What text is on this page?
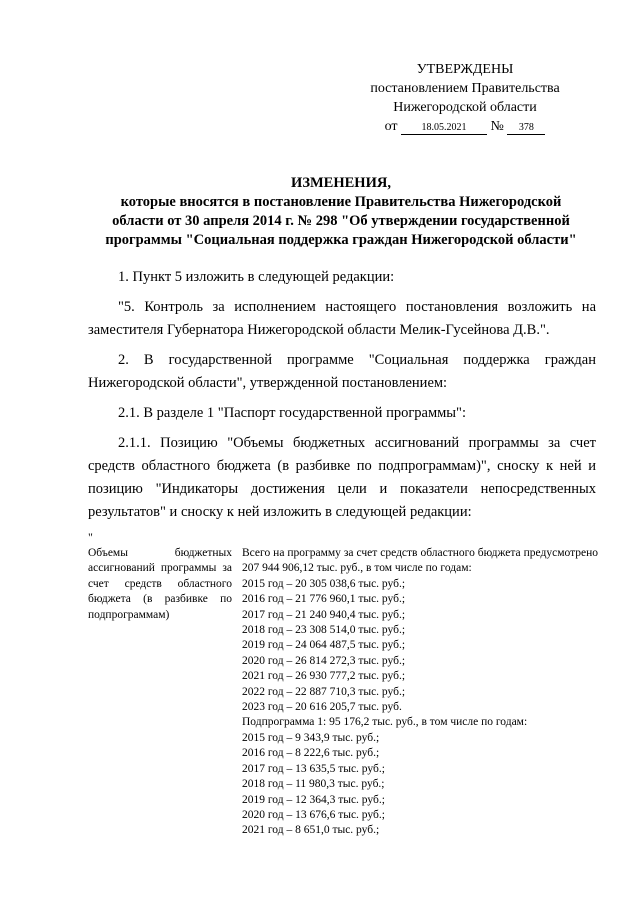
УТВЕРЖДЕНЫ
постановлением Правительства
Нижегородской области
от 18.05.2021 № 378
ИЗМЕНЕНИЯ,
которые вносятся в постановление Правительства Нижегородской
области от 30 апреля 2014 г. № 298 "Об утверждении государственной
программы "Социальная поддержка граждан Нижегородской области"

1. Пункт 5 изложить в следующей редакции:

"5. Контроль за исполнением настоящего постановления возложить на заместителя Губернатора Нижегородской области Мелик-Гусейнова Д.В.".

2. В государственной программе "Социальная поддержка граждан Нижегородской области", утвержденной постановлением:

2.1. В разделе 1 "Паспорт государственной программы":

2.1.1. Позицию "Объемы бюджетных ассигнований программы за счет средств областного бюджета (в разбивке по подпрограммам)", сноску к ней и позицию "Индикаторы достижения цели и показатели непосредственных результатов" и сноску к ней изложить в следующей редакции:

"
Объемы бюджетных ассигнований программы за счет средств областного бюджета (в разбивке по подпрограммам)
Всего на программу за счет средств областного бюджета предусмотрено 207 944 906,12 тыс. руб., в том числе по годам:
2015 год – 20 305 038,6 тыс. руб.;
2016 год – 21 776 960,1 тыс. руб.;
2017 год – 21 240 940,4 тыс. руб.;
2018 год – 23 308 514,0 тыс. руб.;
2019 год – 24 064 487,5 тыс. руб.;
2020 год – 26 814 272,3 тыс. руб.;
2021 год – 26 930 777,2 тыс. руб.;
2022 год – 22 887 710,3 тыс. руб.;
2023 год – 20 616 205,7 тыс. руб.
Подпрограмма 1: 95 176,2 тыс. руб., в том числе по годам:
2015 год – 9 343,9 тыс. руб.;
2016 год – 8 222,6 тыс. руб.;
2017 год – 13 635,5 тыс. руб.;
2018 год – 11 980,3 тыс. руб.;
2019 год – 12 364,3 тыс. руб.;
2020 год – 13 676,6 тыс. руб.;
2021 год – 8 651,0 тыс. руб.;
